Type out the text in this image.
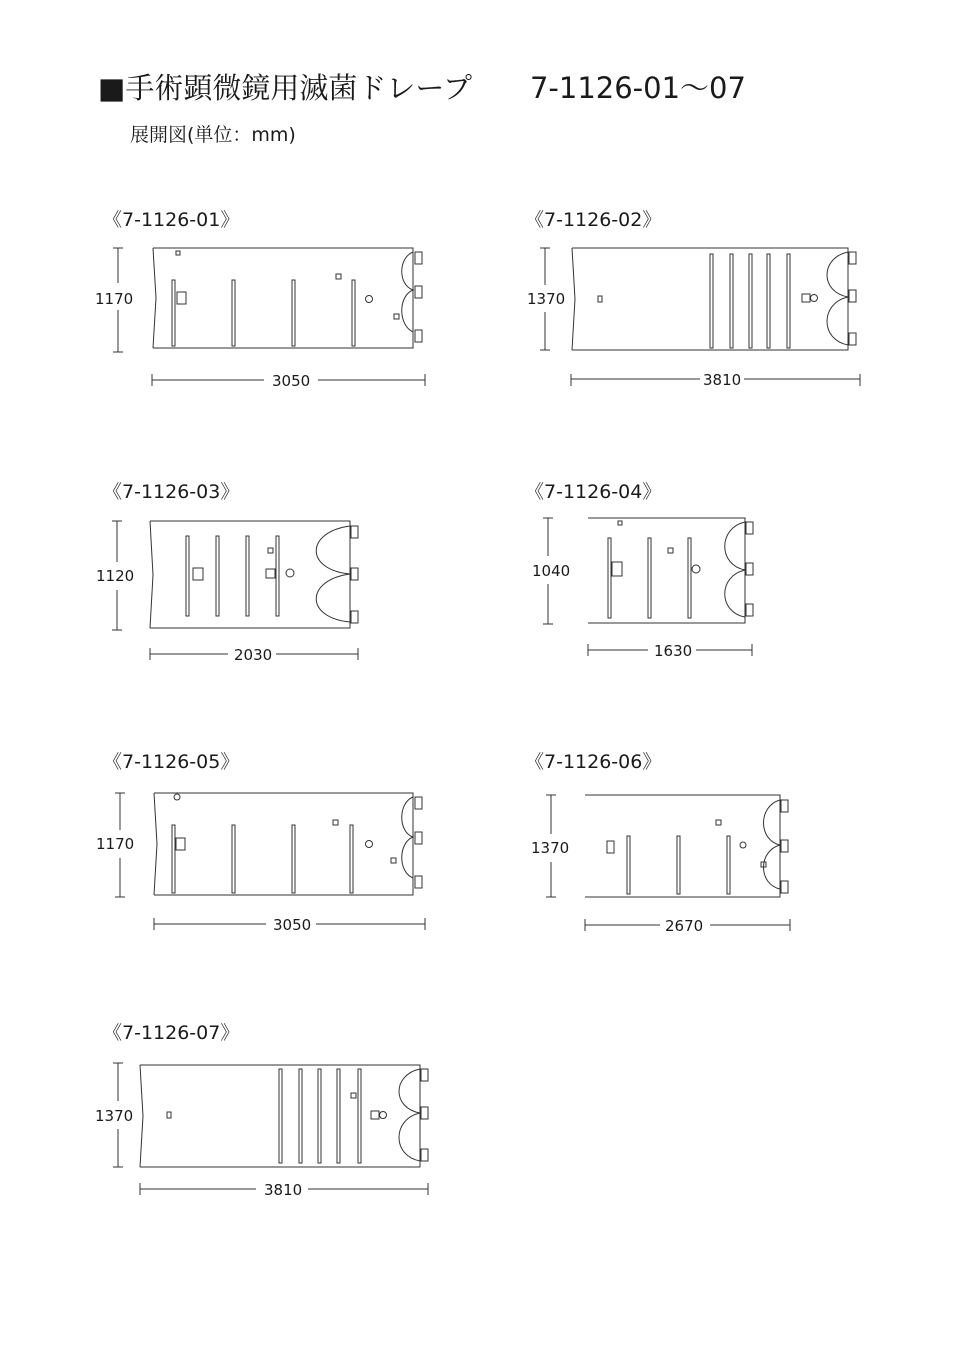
■手術顕微鏡用滅菌ドレープ 7-1126-01～07
展開図(単位：mm)
《7-1126-01》
1170
3050
《7-1126-02》
1370
3810
《7-1126-03》
1120
2030
《7-1126-04》
1040
1630
《7-1126-05》
1170
3050
《7-1126-06》
1370
2670
《7-1126-07》
1370
3810
